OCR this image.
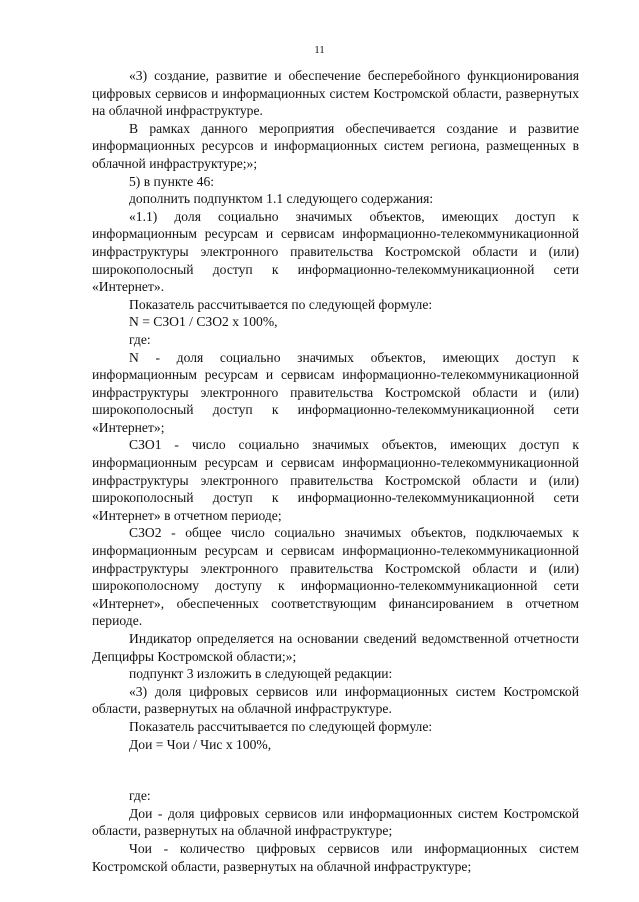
11

«3) создание, развитие и обеспечение бесперебойного функционирования цифровых сервисов и информационных систем Костромской области, развернутых на облачной инфраструктуре.

В рамках данного мероприятия обеспечивается создание и развитие информационных ресурсов и информационных систем региона, размещенных в облачной инфраструктуре;»;

5) в пункте 46:

дополнить подпунктом 1.1 следующего содержания:

«1.1) доля социально значимых объектов, имеющих доступ к информационным ресурсам и сервисам информационно-телекоммуникационной инфраструктуры электронного правительства Костромской области и (или) широкополосный доступ к информационно-телекоммуникационной сети «Интернет».

Показатель рассчитывается по следующей формуле:

N = СЗО1 / СЗО2 x 100%,

где:

N - доля социально значимых объектов, имеющих доступ к информационным ресурсам и сервисам информационно-телекоммуникационной инфраструктуры электронного правительства Костромской области и (или) широкополосный доступ к информационно-телекоммуникационной сети «Интернет»;

СЗО1 - число социально значимых объектов, имеющих доступ к информационным ресурсам и сервисам информационно-телекоммуникационной инфраструктуры электронного правительства Костромской области и (или) широкополосный доступ к информационно-телекоммуникационной сети «Интернет» в отчетном периоде;

СЗО2 - общее число социально значимых объектов, подключаемых к информационным ресурсам и сервисам информационно-телекоммуникационной инфраструктуры электронного правительства Костромской области и (или) широкополосному доступу к информационно-телекоммуникационной сети «Интернет», обеспеченных соответствующим финансированием в отчетном периоде.

Индикатор определяется на основании сведений ведомственной отчетности Депцифры Костромской области;»;

подпункт 3 изложить в следующей редакции:

«3) доля цифровых сервисов или информационных систем Костромской области, развернутых на облачной инфраструктуре.

Показатель рассчитывается по следующей формуле:

Дои = Чои / Чис x 100%,

где:

Дои - доля цифровых сервисов или информационных систем Костромской области, развернутых на облачной инфраструктуре;

Чои - количество цифровых сервисов или информационных систем Костромской области, развернутых на облачной инфраструктуре;
